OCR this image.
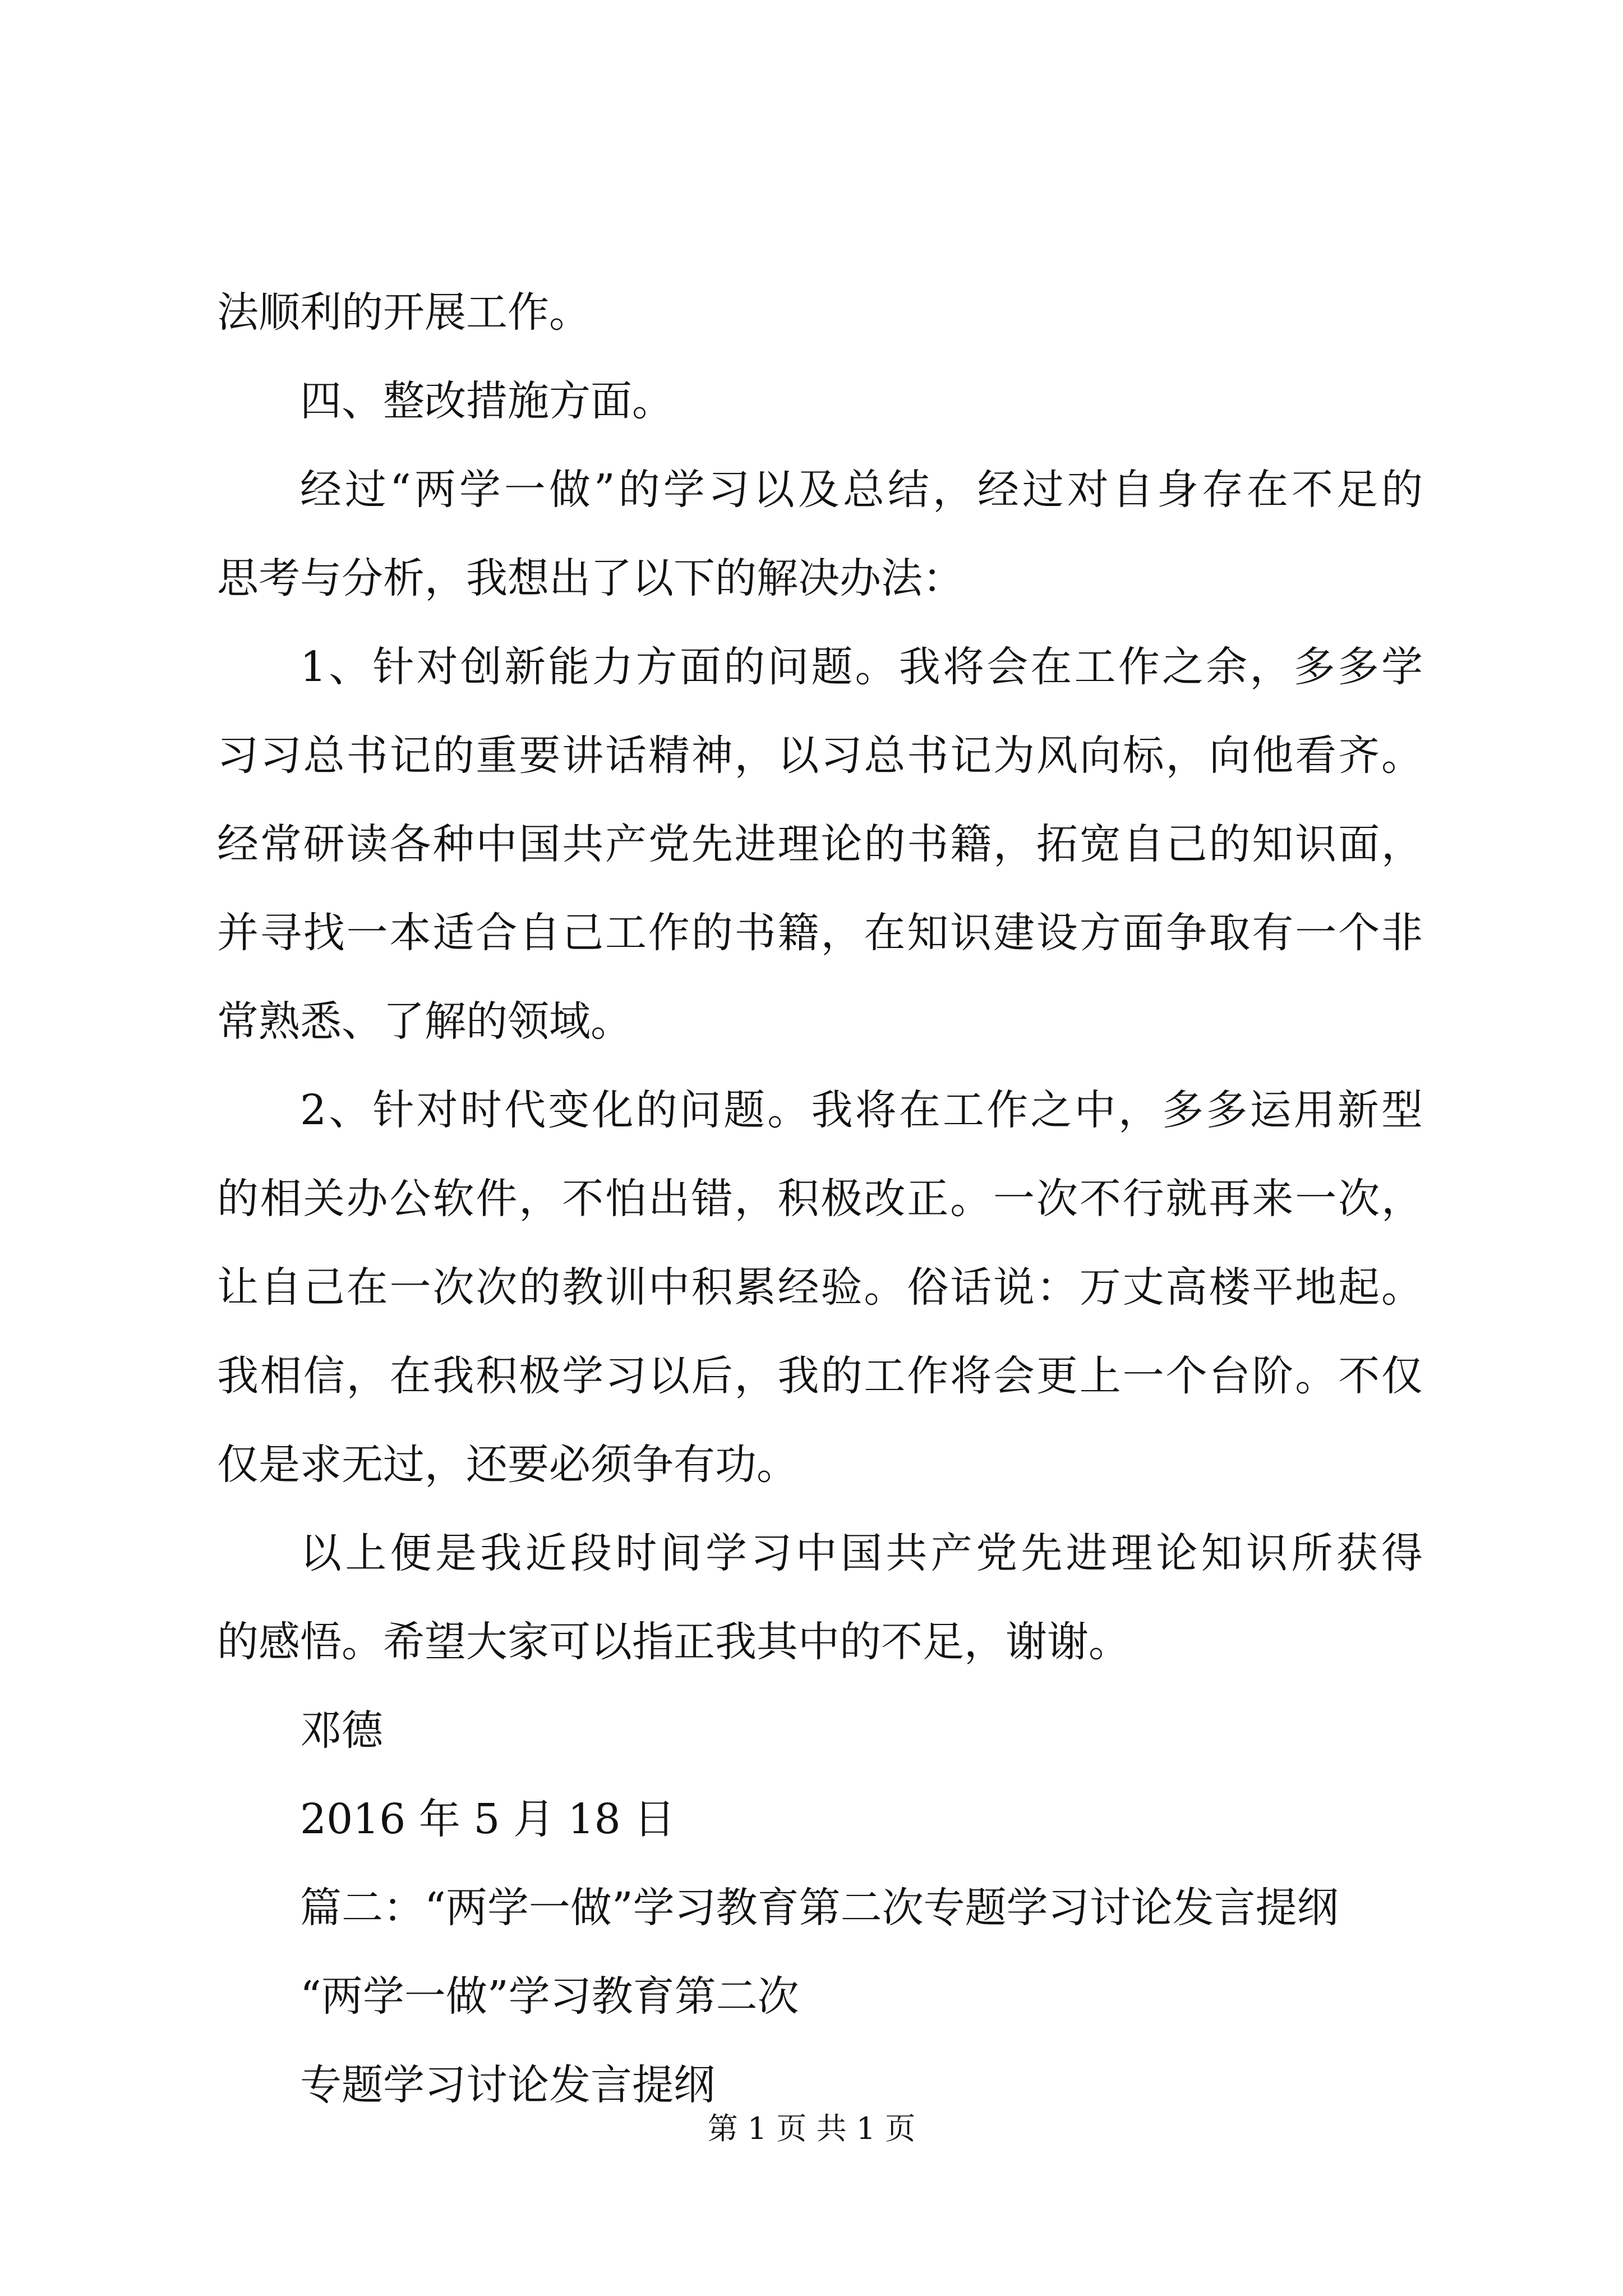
法顺利的开展工作。
四、整改措施方面。
经过“两学一做”的学习以及总结，经过对自身存在不足的
思考与分析，我想出了以下的解决办法：
1、针对创新能力方面的问题。我将会在工作之余，多多学
习习总书记的重要讲话精神，以习总书记为风向标，向他看齐。
经常研读各种中国共产党先进理论的书籍，拓宽自己的知识面，
并寻找一本适合自己工作的书籍，在知识建设方面争取有一个非
常熟悉、了解的领域。
2、针对时代变化的问题。我将在工作之中，多多运用新型
的相关办公软件，不怕出错，积极改正。一次不行就再来一次，
让自己在一次次的教训中积累经验。俗话说：万丈高楼平地起。
我相信，在我积极学习以后，我的工作将会更上一个台阶。不仅
仅是求无过，还要必须争有功。
以上便是我近段时间学习中国共产党先进理论知识所获得
的感悟。希望大家可以指正我其中的不足，谢谢。
邓德
2016 年 5 月 18 日
篇二：“两学一做”学习教育第二次专题学习讨论发言提纲
“两学一做”学习教育第二次
专题学习讨论发言提纲
第 1 页 共 1 页
